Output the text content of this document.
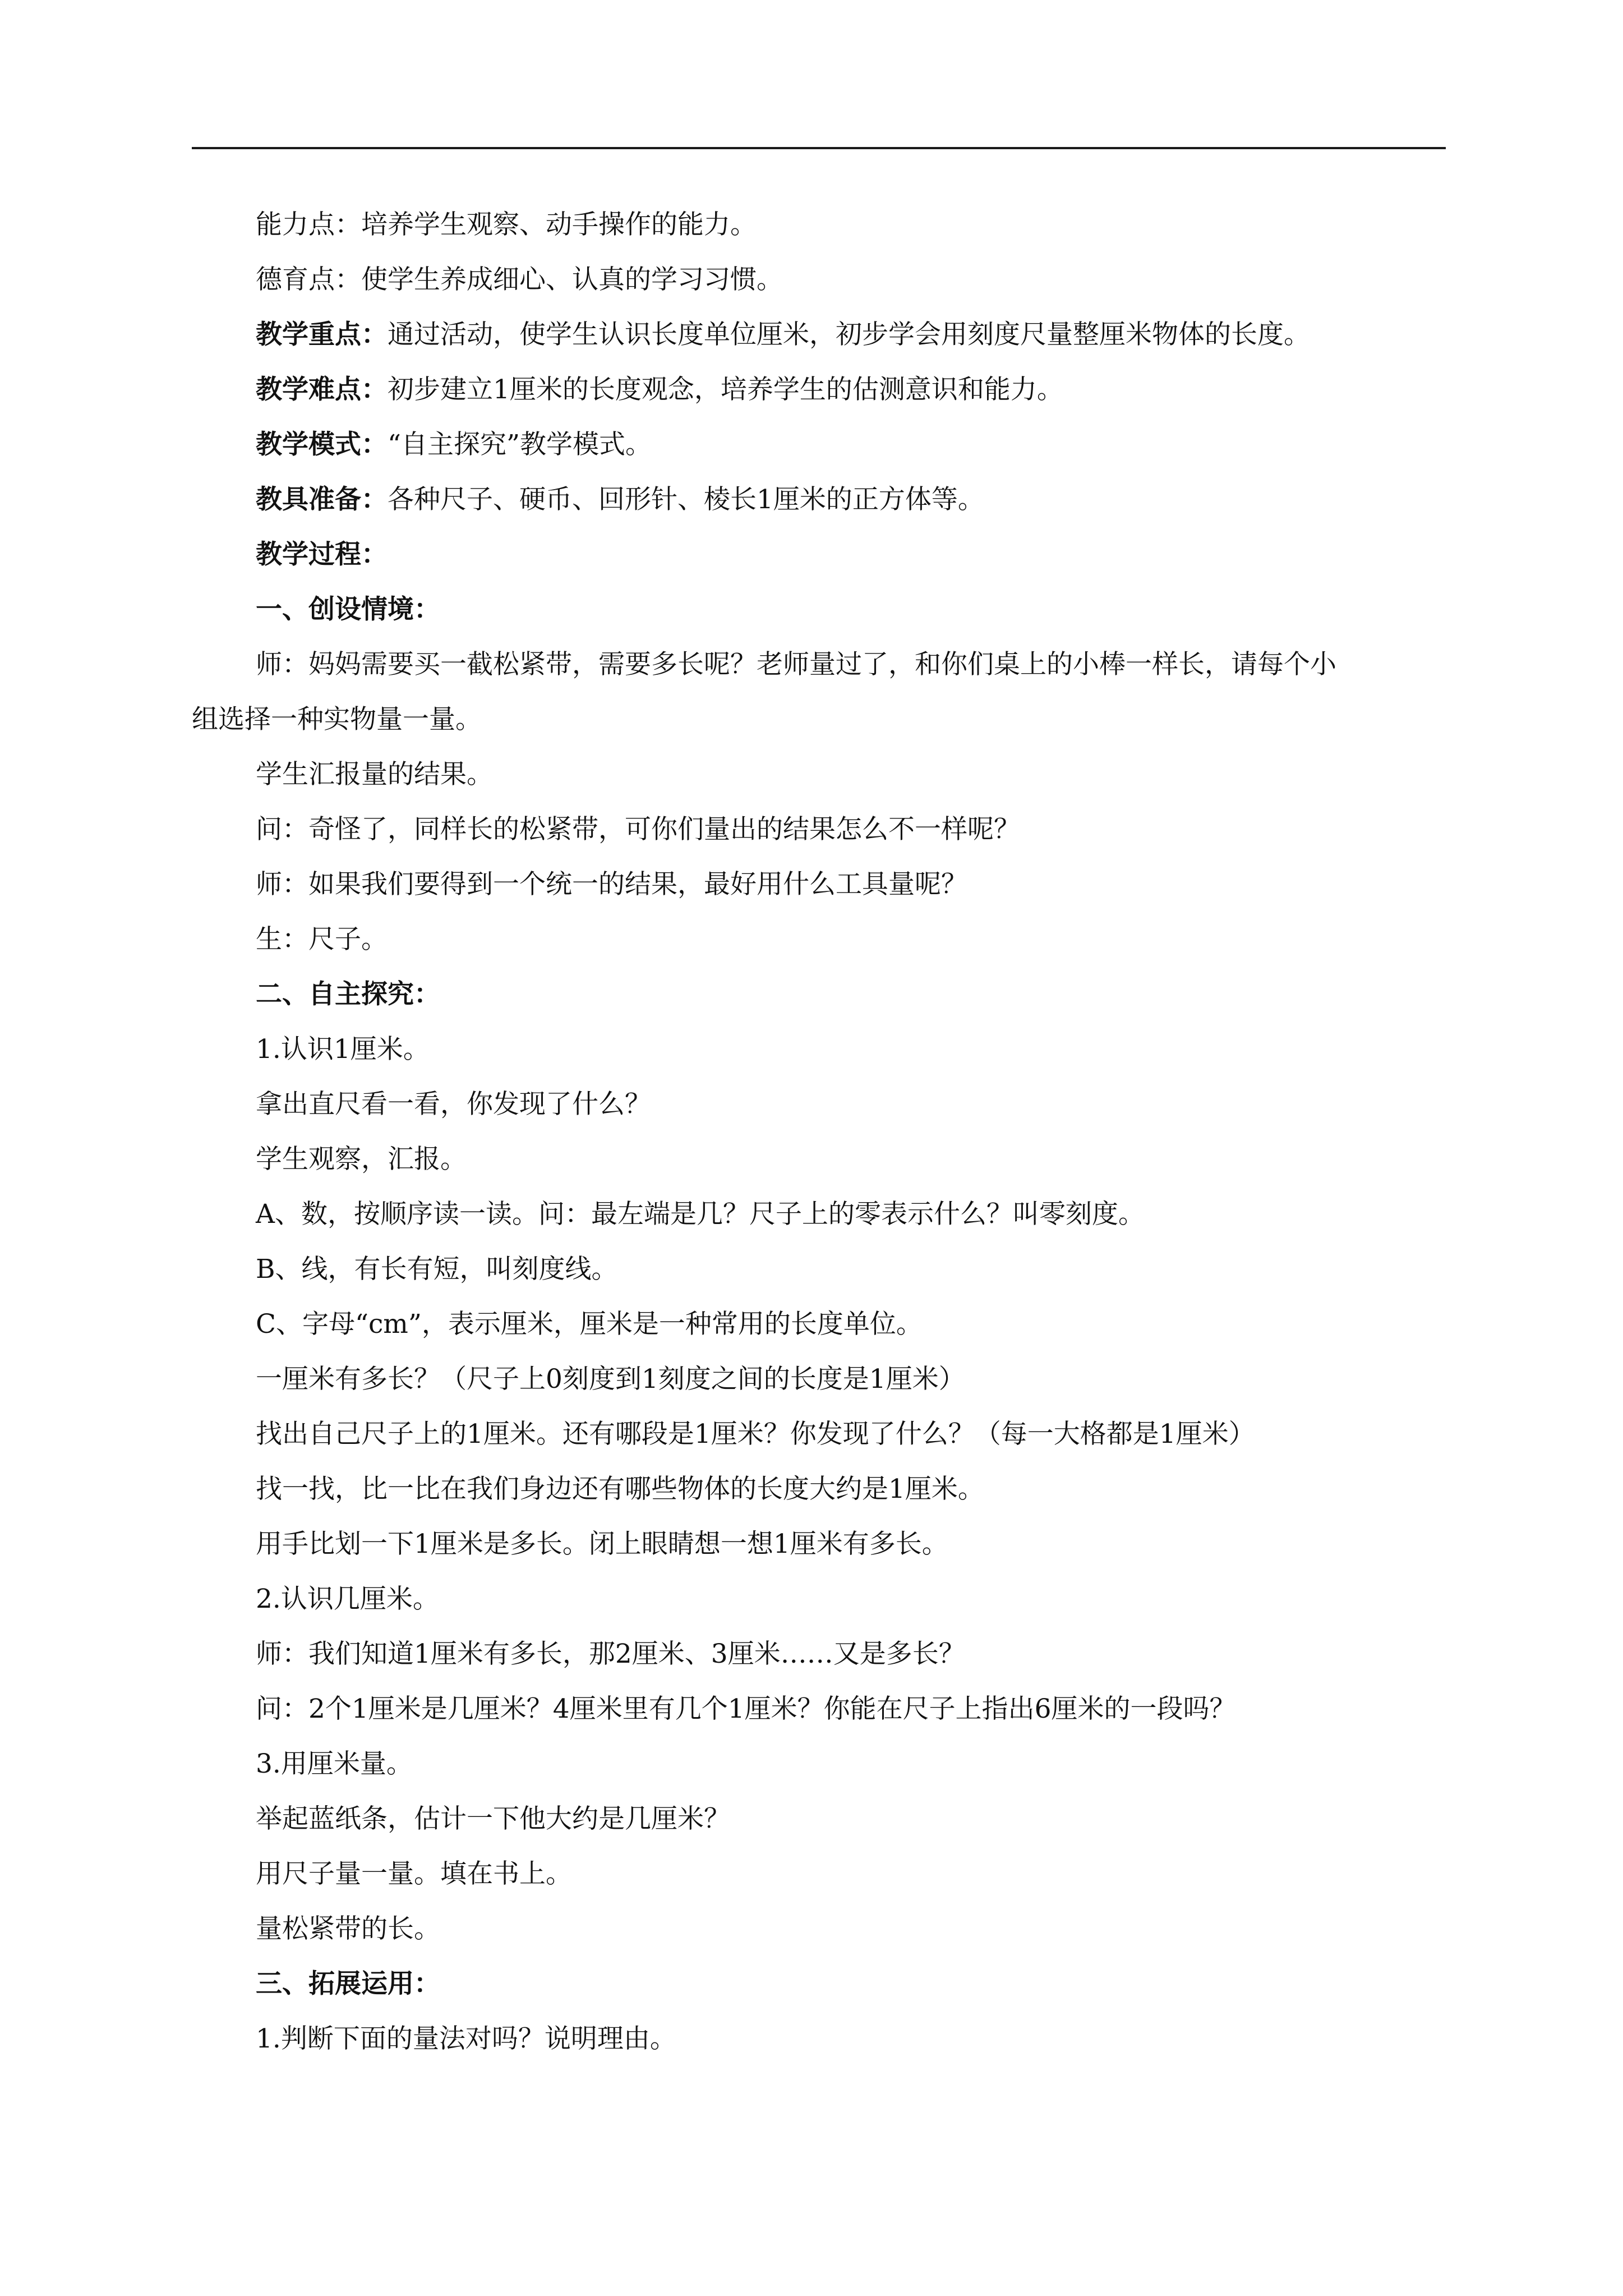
能力点：培养学生观察、动手操作的能力。
德育点：使学生养成细心、认真的学习习惯。
教学重点：通过活动，使学生认识长度单位厘米，初步学会用刻度尺量整厘米物体的长度。
教学难点：初步建立1厘米的长度观念，培养学生的估测意识和能力。
教学模式：“自主探究”教学模式。
教具准备：各种尺子、硬币、回形针、棱长1厘米的正方体等。
教学过程：
一、创设情境：
师：妈妈需要买一截松紧带，需要多长呢？老师量过了，和你们桌上的小棒一样长，请每个小
组选择一种实物量一量。
学生汇报量的结果。
问：奇怪了，同样长的松紧带，可你们量出的结果怎么不一样呢？
师：如果我们要得到一个统一的结果，最好用什么工具量呢？
生：尺子。
二、自主探究：
1.认识1厘米。
拿出直尺看一看，你发现了什么？
学生观察，汇报。
A、数，按顺序读一读。问：最左端是几？尺子上的零表示什么？叫零刻度。
B、线，有长有短，叫刻度线。
C、字母“cm”，表示厘米，厘米是一种常用的长度单位。
一厘米有多长？（尺子上0刻度到1刻度之间的长度是1厘米）
找出自己尺子上的1厘米。还有哪段是1厘米？你发现了什么？（每一大格都是1厘米）
找一找，比一比在我们身边还有哪些物体的长度大约是1厘米。
用手比划一下1厘米是多长。闭上眼睛想一想1厘米有多长。
2.认识几厘米。
师：我们知道1厘米有多长，那2厘米、3厘米……又是多长？
问：2个1厘米是几厘米？4厘米里有几个1厘米？你能在尺子上指出6厘米的一段吗？
3.用厘米量。
举起蓝纸条，估计一下他大约是几厘米？
用尺子量一量。填在书上。
量松紧带的长。
三、拓展运用：
1.判断下面的量法对吗？说明理由。
